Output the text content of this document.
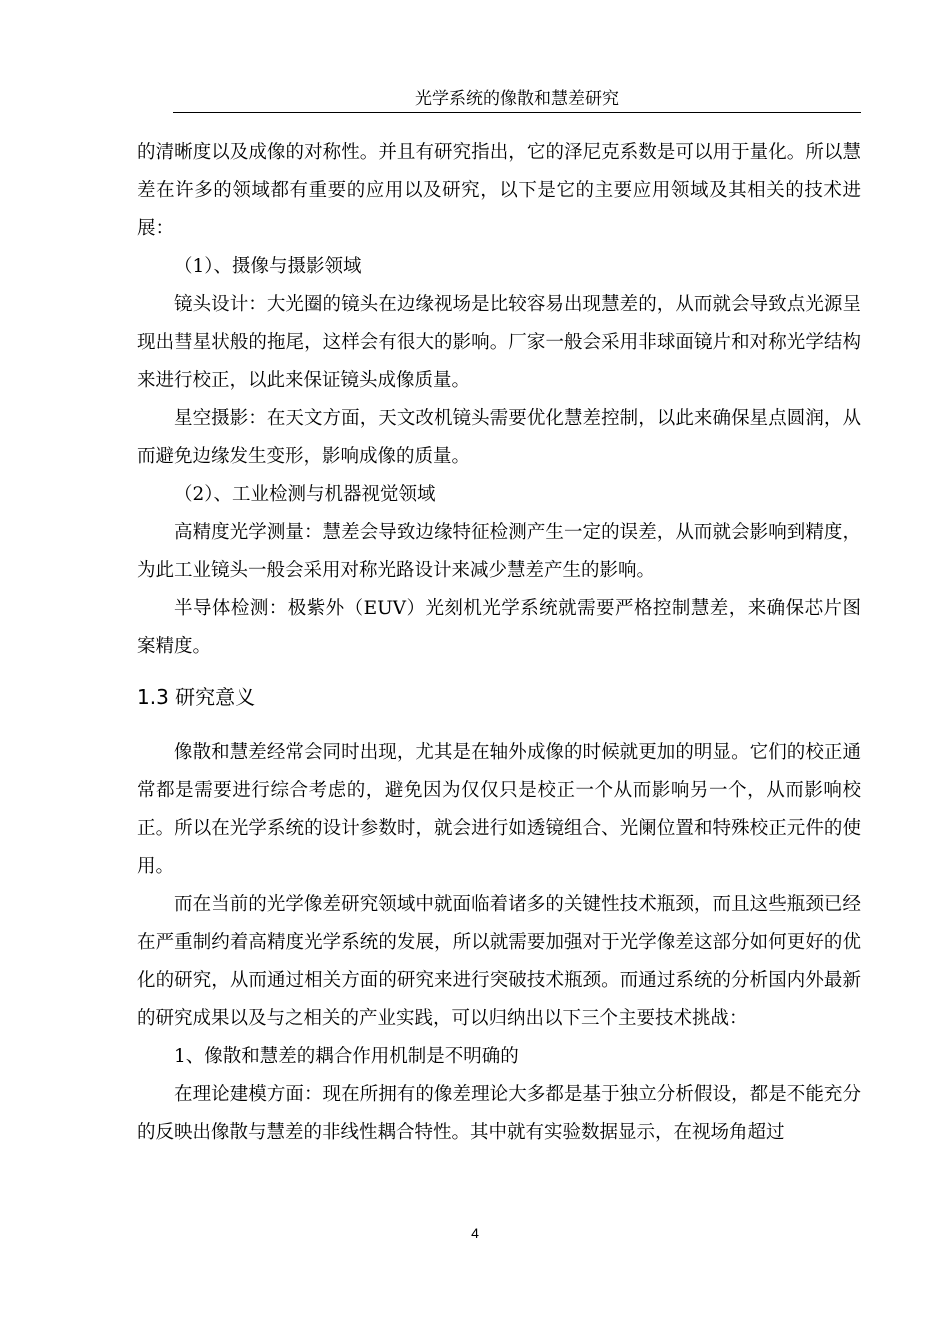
光学系统的像散和慧差研究

的清晰度以及成像的对称性。并且有研究指出，它的泽尼克系数是可以用于量化。所以慧差在许多的领域都有重要的应用以及研究，以下是它的主要应用领域及其相关的技术进展：

（1）、摄像与摄影领域

镜头设计：大光圈的镜头在边缘视场是比较容易出现慧差的，从而就会导致点光源呈现出彗星状般的拖尾，这样会有很大的影响。厂家一般会采用非球面镜片和对称光学结构来进行校正，以此来保证镜头成像质量。

星空摄影：在天文方面，天文改机镜头需要优化慧差控制，以此来确保星点圆润，从而避免边缘发生变形，影响成像的质量。

（2）、工业检测与机器视觉领域

高精度光学测量：慧差会导致边缘特征检测产生一定的误差，从而就会影响到精度，为此工业镜头一般会采用对称光路设计来减少慧差产生的影响。

半导体检测：极紫外（EUV）光刻机光学系统就需要严格控制慧差，来确保芯片图案精度。

1.3 研究意义

像散和慧差经常会同时出现，尤其是在轴外成像的时候就更加的明显。它们的校正通常都是需要进行综合考虑的，避免因为仅仅只是校正一个从而影响另一个，从而影响校正。所以在光学系统的设计参数时，就会进行如透镜组合、光阑位置和特殊校正元件的使用。

而在当前的光学像差研究领域中就面临着诸多的关键性技术瓶颈，而且这些瓶颈已经在严重制约着高精度光学系统的发展，所以就需要加强对于光学像差这部分如何更好的优化的研究，从而通过相关方面的研究来进行突破技术瓶颈。而通过系统的分析国内外最新的研究成果以及与之相关的产业实践，可以归纳出以下三个主要技术挑战：

1、像散和慧差的耦合作用机制是不明确的

在理论建模方面：现在所拥有的像差理论大多都是基于独立分析假设，都是不能充分的反映出像散与慧差的非线性耦合特性。其中就有实验数据显示，在视场角超过

4
